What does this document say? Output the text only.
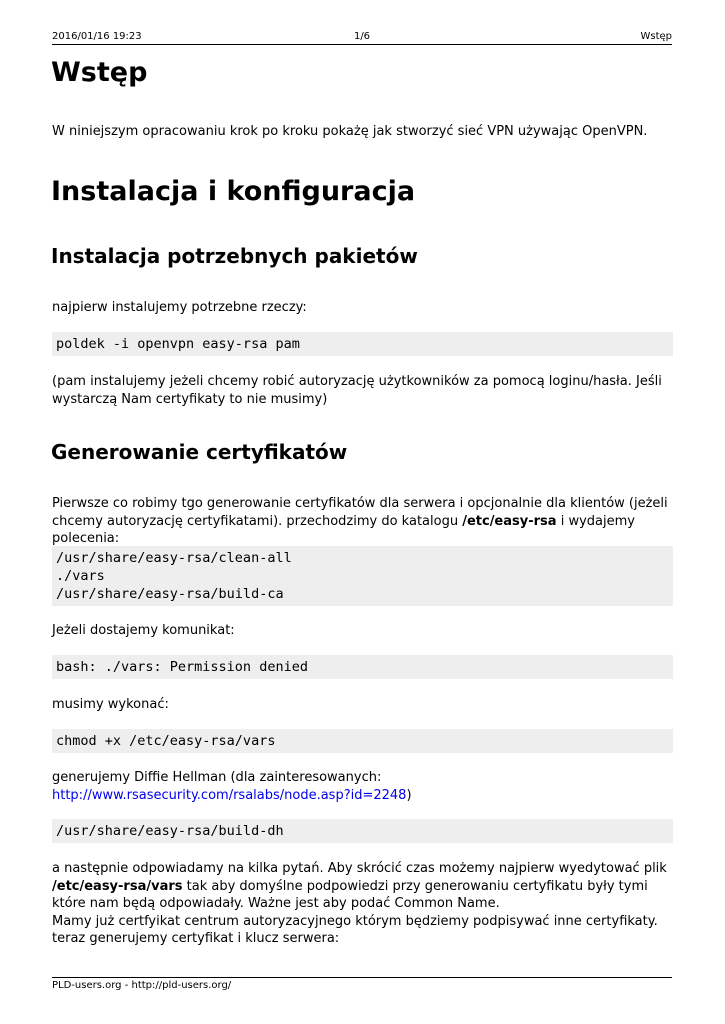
2016/01/16 19:23	1/6	Wstęp
Wstęp
W niniejszym opracowaniu krok po kroku pokażę jak stworzyć sieć VPN używając OpenVPN.
Instalacja i konfiguracja
Instalacja potrzebnych pakietów
najpierw instalujemy potrzebne rzeczy:
poldek -i openvpn easy-rsa pam
(pam instalujemy jeżeli chcemy robić autoryzację użytkowników za pomocą loginu/hasła. Jeśli wystarczą Nam certyfikaty to nie musimy)
Generowanie certyfikatów
Pierwsze co robimy tgo generowanie certyfikatów dla serwera i opcjonalnie dla klientów (jeżeli chcemy autoryzację certyfikatami). przechodzimy do katalogu /etc/easy-rsa i wydajemy polecenia:
/usr/share/easy-rsa/clean-all
./vars
/usr/share/easy-rsa/build-ca
Jeżeli dostajemy komunikat:
bash: ./vars: Permission denied
musimy wykonać:
chmod +x /etc/easy-rsa/vars
generujemy Diffie Hellman (dla zainteresowanych:
http://www.rsasecurity.com/rsalabs/node.asp?id=2248)
/usr/share/easy-rsa/build-dh
a następnie odpowiadamy na kilka pytań. Aby skrócić czas możemy najpierw wyedytować plik /etc/easy-rsa/vars tak aby domyślne podpowiedzi przy generowaniu certyfikatu były tymi które nam będą odpowiadały. Ważne jest aby podać Common Name.
Mamy już certfyikat centrum autoryzacyjnego którym będziemy podpisywać inne certyfikaty. teraz generujemy certyfikat i klucz serwera:
PLD-users.org - http://pld-users.org/
